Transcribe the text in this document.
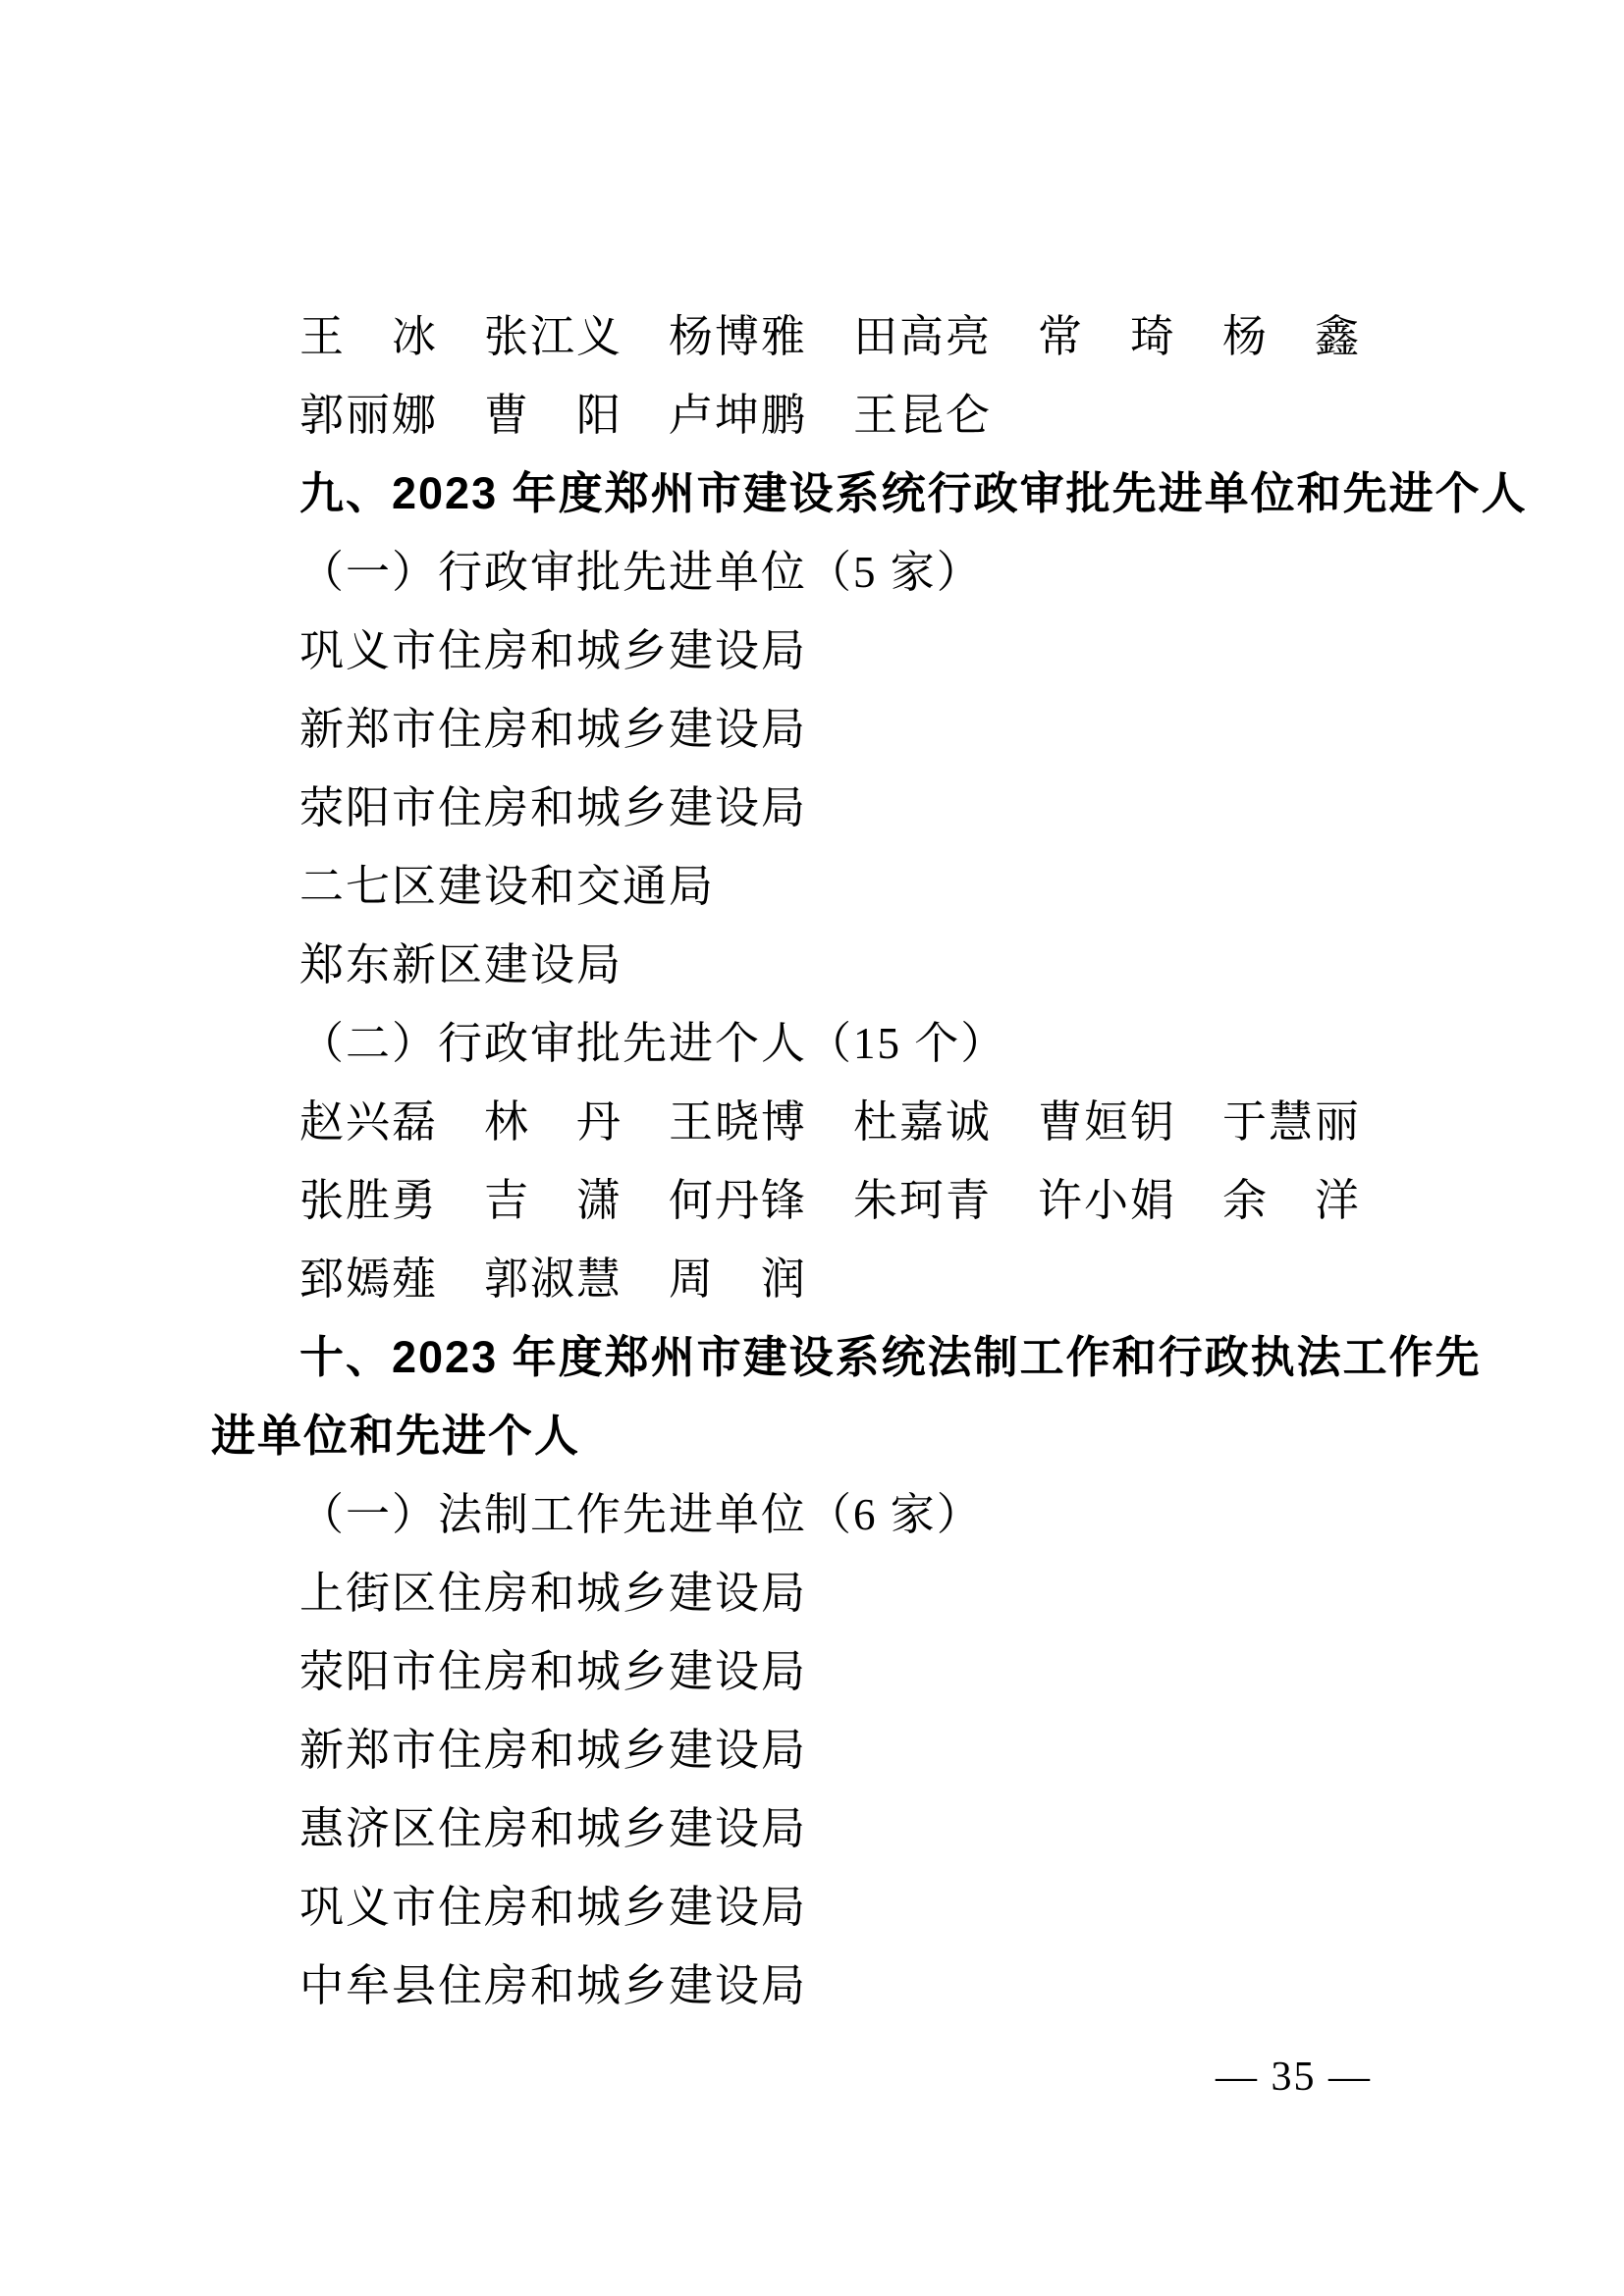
王　冰　张江义　杨博雅　田高亮　常　琦　杨　鑫

郭丽娜　曹　阳　卢坤鹏　王昆仑

九、2023 年度郑州市建设系统行政审批先进单位和先进个人

（一）行政审批先进单位（5 家）

巩义市住房和城乡建设局

新郑市住房和城乡建设局

荥阳市住房和城乡建设局

二七区建设和交通局

郑东新区建设局

（二）行政审批先进个人（15 个）

赵兴磊　林　丹　王晓博　杜嘉诚　曹姮钥　于慧丽

张胜勇　吉　潇　何丹锋　朱珂青　许小娟　余　洋

郅嫣薤　郭淑慧　周　润

十、2023 年度郑州市建设系统法制工作和行政执法工作先

进单位和先进个人

（一）法制工作先进单位（6 家）

上街区住房和城乡建设局

荥阳市住房和城乡建设局

新郑市住房和城乡建设局

惠济区住房和城乡建设局

巩义市住房和城乡建设局

中牟县住房和城乡建设局

— 35 —
